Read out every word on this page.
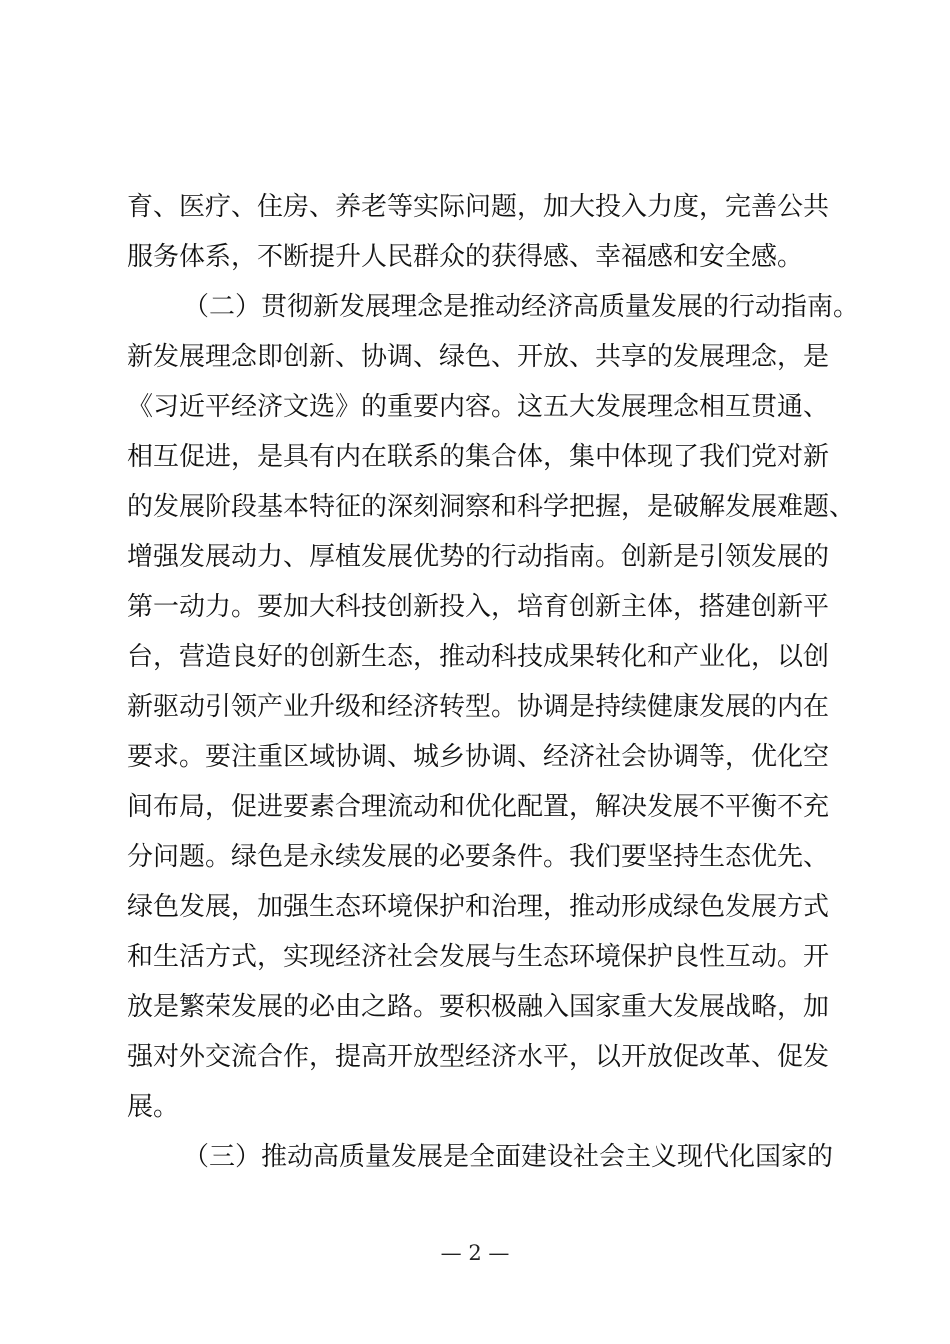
育、医疗、住房、养老等实际问题，加大投入力度，完善公共
服务体系，不断提升人民群众的获得感、幸福感和安全感。
（二）贯彻新发展理念是推动经济高质量发展的行动指南。
新发展理念即创新、协调、绿色、开放、共享的发展理念，是
《习近平经济文选》的重要内容。这五大发展理念相互贯通、
相互促进，是具有内在联系的集合体，集中体现了我们党对新
的发展阶段基本特征的深刻洞察和科学把握，是破解发展难题、
增强发展动力、厚植发展优势的行动指南。创新是引领发展的
第一动力。要加大科技创新投入，培育创新主体，搭建创新平
台，营造良好的创新生态，推动科技成果转化和产业化，以创
新驱动引领产业升级和经济转型。协调是持续健康发展的内在
要求。要注重区域协调、城乡协调、经济社会协调等，优化空
间布局，促进要素合理流动和优化配置，解决发展不平衡不充
分问题。绿色是永续发展的必要条件。我们要坚持生态优先、
绿色发展，加强生态环境保护和治理，推动形成绿色发展方式
和生活方式，实现经济社会发展与生态环境保护良性互动。开
放是繁荣发展的必由之路。要积极融入国家重大发展战略，加
强对外交流合作，提高开放型经济水平，以开放促改革、促发
展。
（三）推动高质量发展是全面建设社会主义现代化国家的
— 2 —
